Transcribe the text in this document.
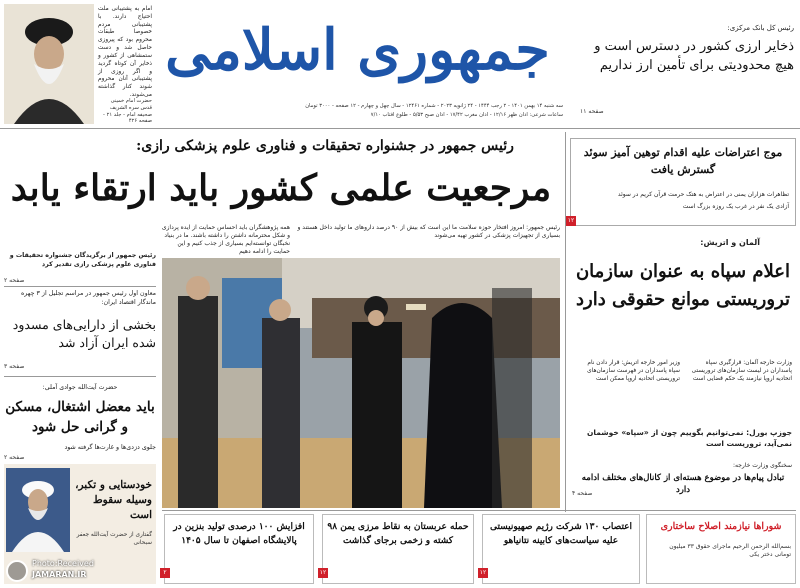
جمهوری اسلامی
سه شنبه ۱۴ بهمن ۱۴۰۱ - ۲ رجب ۱۴۴۴ - ۲۴ ژانویه ۲۰۲۳ - شماره ۱۲۴۶۱ - سال چهل و چهارم - ۱۲ صفحه - ۳۰۰۰ تومان
ساعات شرعی: اذان ظهر ۱۲/۱۶ - اذان مغرب ۱۷/۴۲ - اذان صبح ۵/۵۳ - طلوع آفتاب ۷/۱۰
رئیس کل بانک مرکزی:
ذخایر ارزی کشور در دسترس است و هیچ محدودیتی برای تأمین ارز نداریم
صفحه ۱۱
امام به پشتیبانی ملت احتیاج دارند. با پشتیبانی مردم خصوصا طبقات محروم بود که پیروزی حاصل شد و دست ستمشاهی از کشور و ذخایر آن کوتاه گردید و اگر روزی از پشتیبانی آنان محروم شوند کنار گذاشته می‌شوند.
حضرت امام خمینی قدس سره الشریف صحیفه امام - جلد ۲۱ - صفحه ۴۲۶
رئیس جمهور در جشنواره تحقیقات و فناوری علوم پزشکی رازی:
مرجعیت علمی کشور باید ارتقاء یابد
رئیس جمهور: امروز افتخار حوزه سلامت ما این است که بیش از ۹۰ درصد داروهای ما تولید داخل هستند و بسیاری از تجهیزات پزشکی در کشور تهیه می‌شوند
همه پژوهشگران باید احساس حمایت از ایده پردازی و شکل محترمانه داشتن را داشته باشند. ما در بنیاد نخبگان توانسته‌ایم بسیاری از جذب کنیم و این حمایت را ادامه دهیم
رئیس جمهور از برگزیدگان جشنواره تحقیقات و فناوری علوم پزشکی رازی تقدیر کرد
صفحه ۲
معاون اول رئیس جمهور در مراسم تجلیل از ۳ چهره ماندگار اقتصاد ایران:
بخشی از دارایی‌های مسدود شده ایران آزاد شد
صفحه ۳
موج اعتراضات علیه اقدام توهین آمیز سوئد گسترش یافت
تظاهرات هزاران یمنی در اعتراض به هتک حرمت قرآن کریم در سوئد
آزادی یک نفر در غرب یک روزه بزرگ است
۱۲
آلمان و اتریش:
اعلام سپاه به عنوان سازمان تروریستی موانع حقوقی دارد
وزارت خارجه آلمان: قرارگیری سپاه پاسداران در لیست سازمان‌های تروریستی اتحادیه اروپا نیازمند یک حکم قضایی است
وزیر امور خارجه اتریش: قرار دادن نام سپاه پاسداران در فهرست سازمان‌های تروریستی اتحادیه اروپا ممکن است
جوزپ بورل: نمی‌توانیم بگوییم چون از «سپاه» خوشمان نمی‌آید، تروریست است
سخنگوی وزارت خارجه:
تبادل پیام‌ها در موضوع هسته‌ای از کانال‌های مختلف ادامه دارد
صفحه ۴
حضرت آیت‌الله جوادی آملی:
باید معضل اشتغال، مسکن و گرانی حل شود
جلوی دزدی‌ها و غارت‌ها گرفته شود
صفحه ۲
خودستایی و تکبر، وسیله سقوط است
گفتاری از حضرت آیت‌الله جعفر سبحانی
افزایش ۱۰۰ درصدی تولید بنزین در پالایشگاه اصفهان تا سال ۱۴۰۵
۲
حمله عربستان به نقاط مرزی یمن ۹۸ کشته و زخمی برجای گذاشت
۱۲
اعتصاب ۱۳۰ شرکت رژیم صهیونیستی علیه سیاست‌های کابینه نتانیاهو
۱۲
شوراها نیازمند اصلاح ساختاری
بسم‌الله الرحمن الرحیم ماجرای حقوق ۳۳ میلیون تومانی دختر یکی
Photo:Received
JAMARAN.IR
